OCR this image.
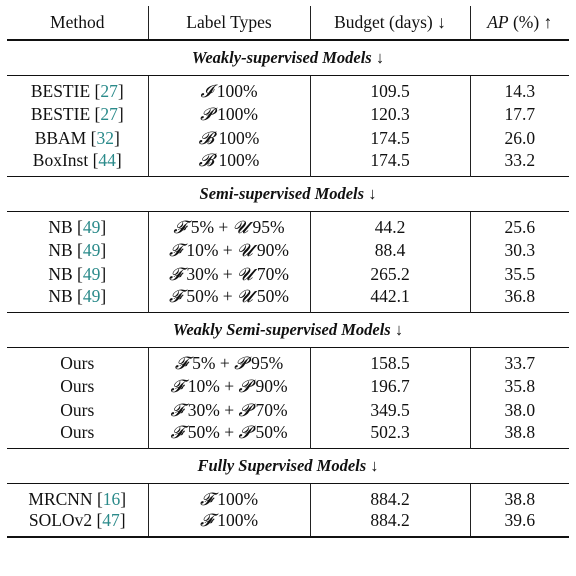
Method	Label Types	Budget (days) ↓	AP (%) ↑
Weakly-supervised Models ↓			
BESTIE [27]	𝓘 100%	109.5	14.3
BESTIE [27]	𝓟 100%	120.3	17.7
BBAM [32]	𝓑 100%	174.5	26.0
BoxInst [44]	𝓑 100%	174.5	33.2
Semi-supervised Models ↓			
NB [49]	𝓕 5% + 𝓤 95%	44.2	25.6
NB [49]	𝓕 10% + 𝓤 90%	88.4	30.3
NB [49]	𝓕 30% + 𝓤 70%	265.2	35.5
NB [49]	𝓕 50% + 𝓤 50%	442.1	36.8
Weakly Semi-supervised Models ↓			
Ours	𝓕 5% + 𝓟 95%	158.5	33.7
Ours	𝓕 10% + 𝓟 90%	196.7	35.8
Ours	𝓕 30% + 𝓟 70%	349.5	38.0
Ours	𝓕 50% + 𝓟 50%	502.3	38.8
Fully Supervised Models ↓			
MRCNN [16]	𝓕 100%	884.2	38.8
SOLOv2 [47]	𝓕 100%	884.2	39.6
